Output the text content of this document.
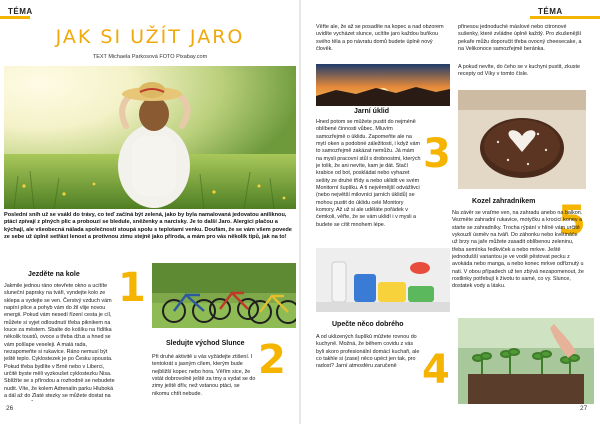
TÉMA
JAK SI UŽÍT JARO
TEXT Michaela Parkosová FOTO Pixabay.com
Poslední sníh už se vsákl do trávy, co teď začíná být zelená, jako by byla namalovaná jedovatou aniliknou, ptáci zpívají z plných plic a probouzí se bledule, sněženky a narcisky. Je to další Jaro. Alergici plačou a kýchají, ale všeobecná nálada společnosti stoupá spolu s teplotami venku. Doufám, že se vám všem povede ze sebe už úplně setřást lenost a protivnou zimu stejně jako příroda, a mám pro vás několik tipů, jak na to!
Jezděte na kole 1
Jakmile jednou ráno otevřete okno a ucítíte sluneční paprsky na tváři, vyndejte kolo ze sklepa a vydejte se ven. Čerstvý vzduch vám napíní plíce a pohyb vám do žil vlije novou energii. Pokud vám nesedí řízení cesta je cíl, můžete si vyjet odloudnutí třeba piknikem na louce za městem. Sbalte do košíku na řídítka několik toustů, ovoce a třeba džus a hned se vám pošlape veseleji. A malá rada, nezapomeňte si rukavice. Ráno nemusí být ještě teplo. Cyklostezek je po Česku spousta. Pokud třeba bydlíte v Brně nebo v Liberci, určitě byste měli vyzkoušet cyklostezku Nisa. Sblížíte se s přírodou a rozhodně se nebudete nudit. Víte, že kolem Adrenalin parku Hluboká a dál až do Zlaté stezky se můžete dostat na
Sledujte východ Slunce 2
Při druhé aktivitě u vás vyžádejte ztišení. I tentokrát s jasným cílem, kterým bude nejbližší kopec nebo hora. Věřím sice, že vstát dobrovolně ještě za tmy a vydat se do zimy ještě dřív, než vstanou ptáci, se nikomu chtít nebude.
26
TÉMA
Věřte ale, že až se posadíte na kopec a nad obzorem uvidíte vycházet slunce, ucítíte jaro každou buňkou svého těla a po návratu domů budete úplně nový člověk.
Jarní úklid
3
Hned potom se můžete pustit do nejméně oblíbené činnosti vůbec. Mluvím samozřejmě o úklidu. Zapomeňte ale na mytí oken a podobné záležitosti, i když vám to samozřejmě zakázat nemůžu. Já mám na mysli pracovní stůl s drobnostmi, kterých je tolik, že ani nevíte, kam je dát. Stačí krabice od bot, poskládat nebo vyhazet sešity ze druhé třídy a nebo uklidit ve svém Monitorní šuplíku. A ti nejvěrnější odvážlivci (nebo největší milovníci jarních úklidů) se mohou pustit do úklidu celé Monitory komory. Až už si ale uděláte pořádek v čemkoli, věřte, že se vám uklidí i v mysli a budete se cítit mnohem lépe.
Upečte něco dobrého
4
A od uklizených šuplíků můžete rovnou do kuchyně. Možná, že během covidu z vás byli skoro profesionální domácí kuchaři, ale co takhle si (zase) něco upéct jen tak, pro radost? Jarní atmosféru zaručeně
přinesou jednoduché máslové nebo citronové sušenky, které zvládne úplně každý. Pro zkušenější pekaře můžu doporučit třeba ovocný cheesecake, a na Velikonoce samozřejmě beránka.
A pokud nevíte, do čeho se v kuchyni pustit, zkuste recepty od Víky v tomto čísle.
Kozel zahradníkem 5
Na závěr se vraťme ven, na zahradu anebo na balkon. Vezměte zahradní rukavice, motyčku a krocicí konev a starte se zahradníky. Trocha rýpání v hlíně vám určitě vykouzlí úsměv na tváři. Do záhonku nebo květináče už brzy na jaře můžete zasadit oblíbenou zeleninu, třeba semínka ředkviček a nebo mrkve. Ještě jednodušší variantou je ve vodě pěstovat pecku z avokáda nebo manga, a nebo konec mrkve odříznutý u nati. V obou případech už ten zbývá nezapomenout, že rostlinky potřebují k životu to samé, co vy. Slunce, dostatek vody a lásku.
27
